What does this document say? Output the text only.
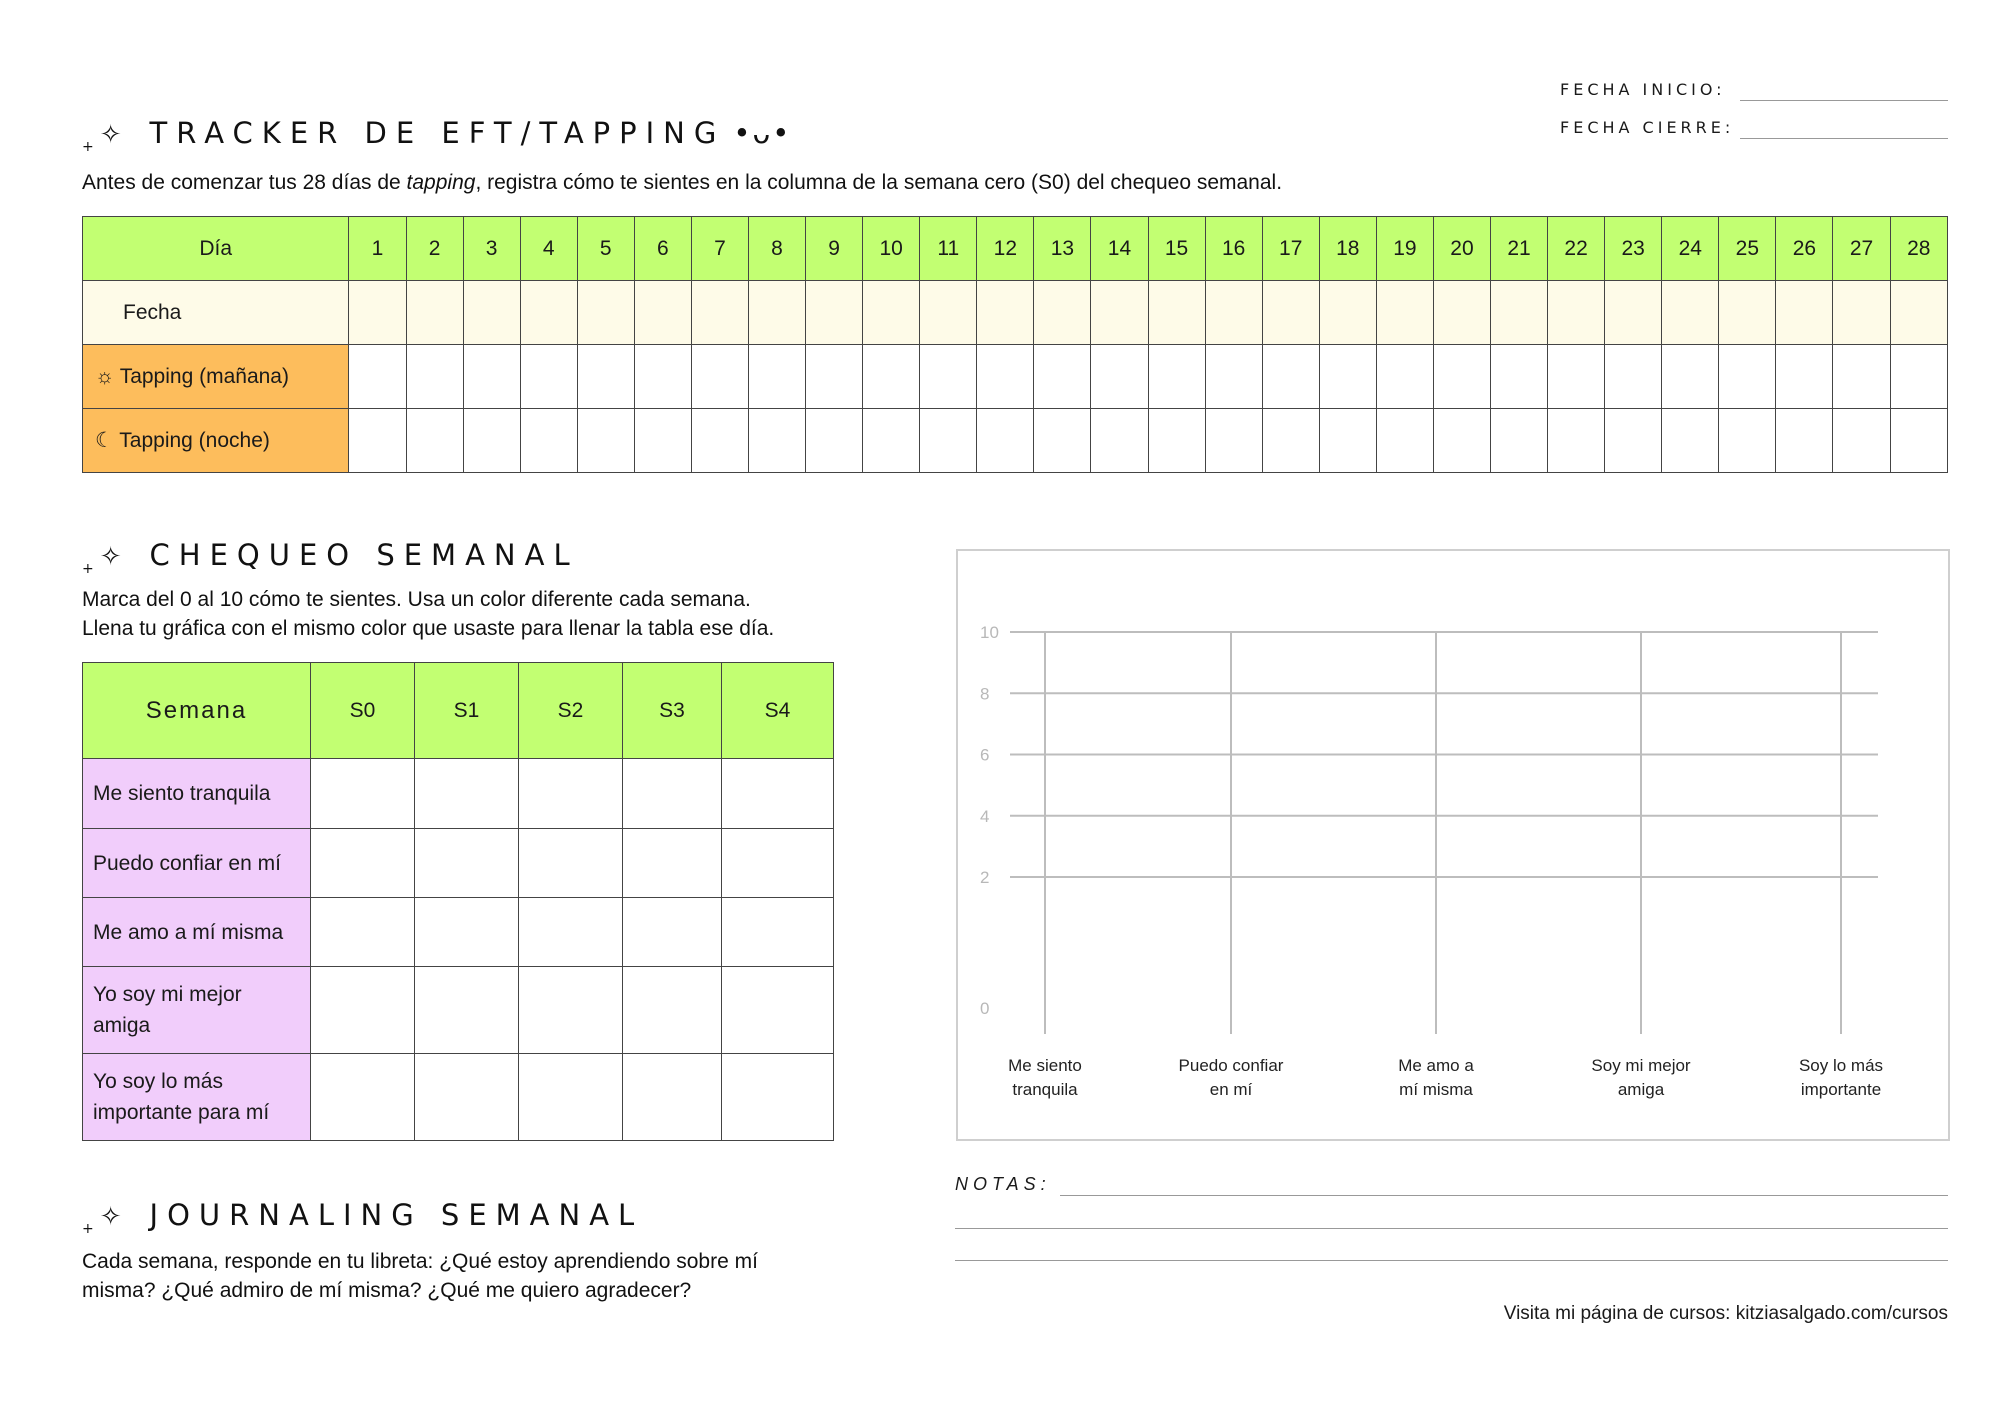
FECHA INICIO:
FECHA CIERRE:
+ ✧ TRACKER DE EFT/TAPPING •ᴗ•
Antes de comenzar tus 28 días de tapping, registra cómo te sientes en la columna de la semana cero (S0) del chequeo semanal.
Día	1	2	3	4	5	6	7	8	9	10	11	12	13	14	15	16	17	18	19	20	21	22	23	24	25	26	27	28
Fecha																												
☼ Tapping (mañana)																												
☾ Tapping (noche)																												
+ ✧ CHEQUEO SEMANAL
Marca del 0 al 10 cómo te sientes. Usa un color diferente cada semana.
Llena tu gráfica con el mismo color que usaste para llenar la tabla ese día.
Semana	S0	S1	S2	S3	S4
Me siento tranquila					
Puedo confiar en mí					
Me amo a mí misma					
Yo soy mi mejor amiga					
Yo soy lo más importante para mí					
10
8
6
4
2
0
Me siento
tranquila
Puedo confiar
en mí
Me amo a
mí misma
Soy mi mejor
amiga
Soy lo más
importante
+ ✧ JOURNALING SEMANAL
Cada semana, responde en tu libreta: ¿Qué estoy aprendiendo sobre mí
misma? ¿Qué admiro de mí misma? ¿Qué me quiero agradecer?
NOTAS:
Visita mi página de cursos: kitziasalgado.com/cursos
